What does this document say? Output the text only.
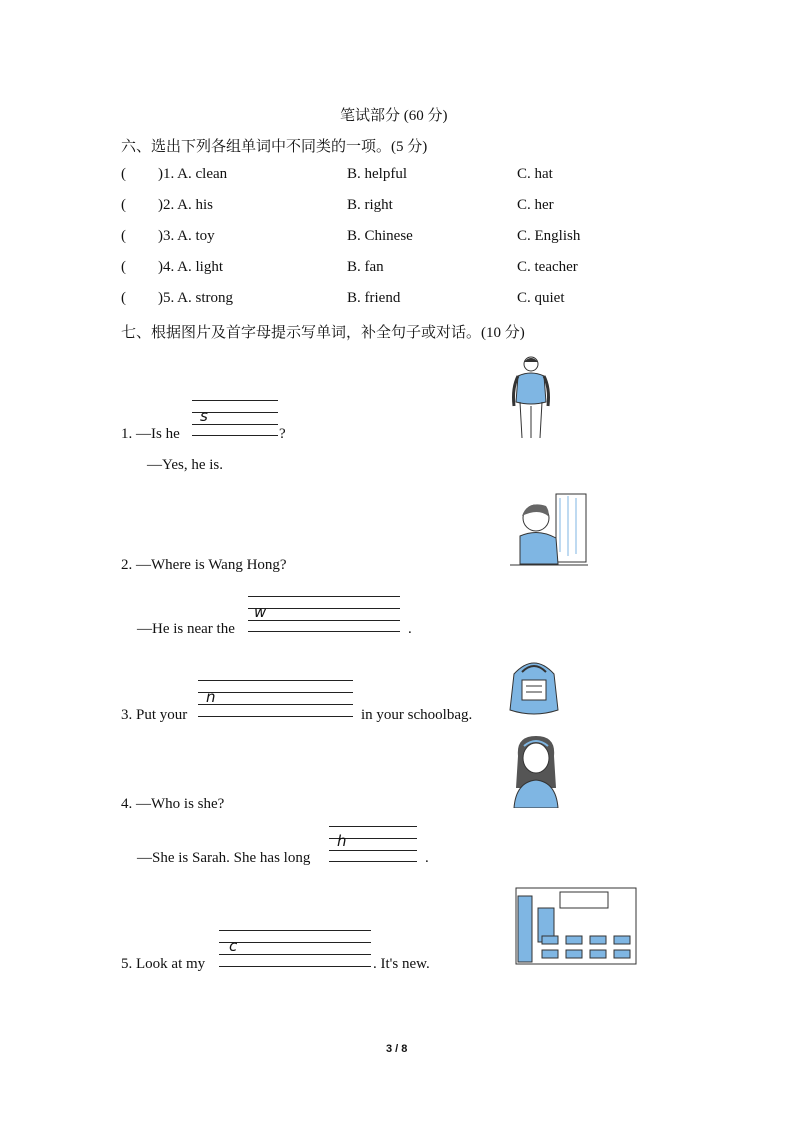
笔试部分 (60 分)
六、选出下列各组单词中不同类的一项。(5 分)
( )1. A. clean	B. helpful	C. hat
( )2. A. his	B. right	C. her
( )3. A. toy	B. Chinese	C. English
( )4. A. light	B. fan	C. teacher
( )5. A. strong	B. friend	C. quiet
七、根据图片及首字母提示写单词，补全句子或对话。(10 分)
1. —Is he
s
?
—Yes, he is.
2. —Where is Wang Hong?
—He is near the
w
.
3. Put your
n
in your schoolbag.
4. —Who is she?
—She is Sarah. She has long
h
.
5. Look at my
c
. It's new.
3 / 8
